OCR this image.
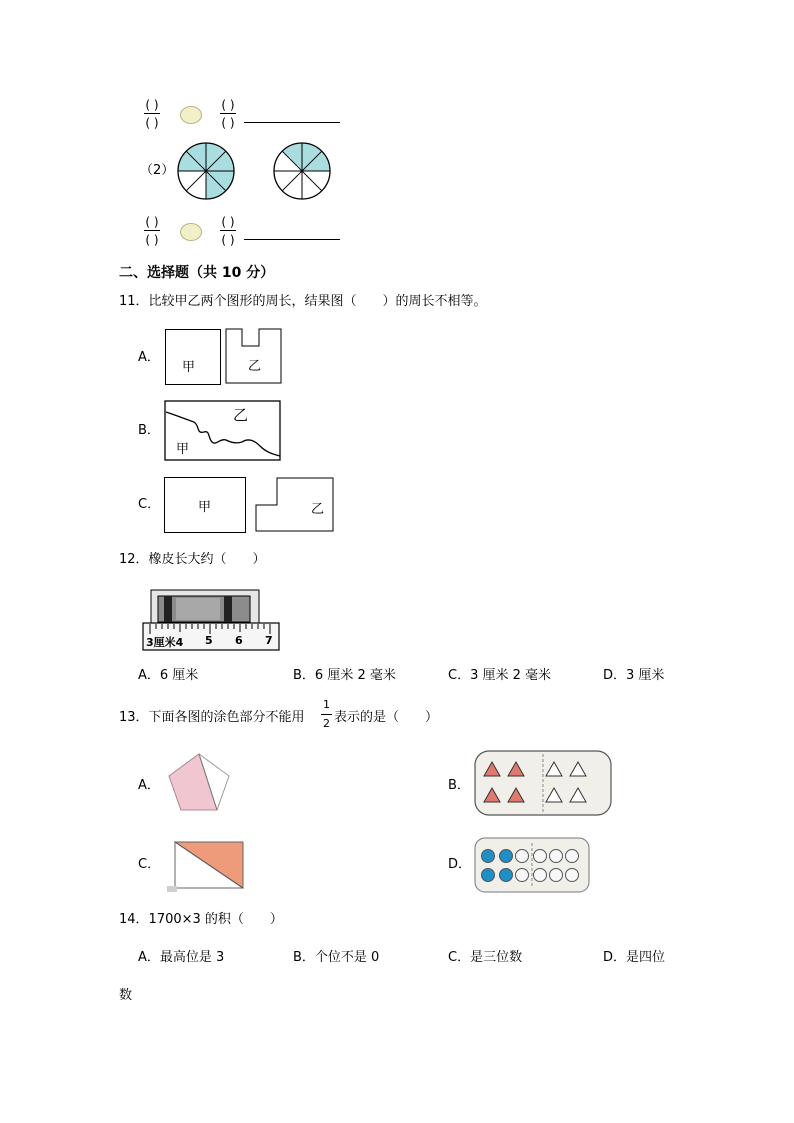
( )
( )
( )
( )
（2）
( )
( )
( )
( )
二、选择题（共 10 分）
11．比较甲乙两个图形的周长，结果图（　　）的周长不相等。
A．
甲	乙
B．
乙
甲
C．	甲	乙
12．橡皮长大约（　　）
3厘米4 5 6 7
A．6 厘米	B．6 厘米 2 毫米	C．3 厘米 2 毫米	D．3 厘米
13．下面各图的涂色部分不能用
1
2 表示的是（　　）
A．	B．
C．	D．
14．1700×3 的积（　　）
A．最高位是 3	B．个位不是 0	C．是三位数	D．是四位
数
